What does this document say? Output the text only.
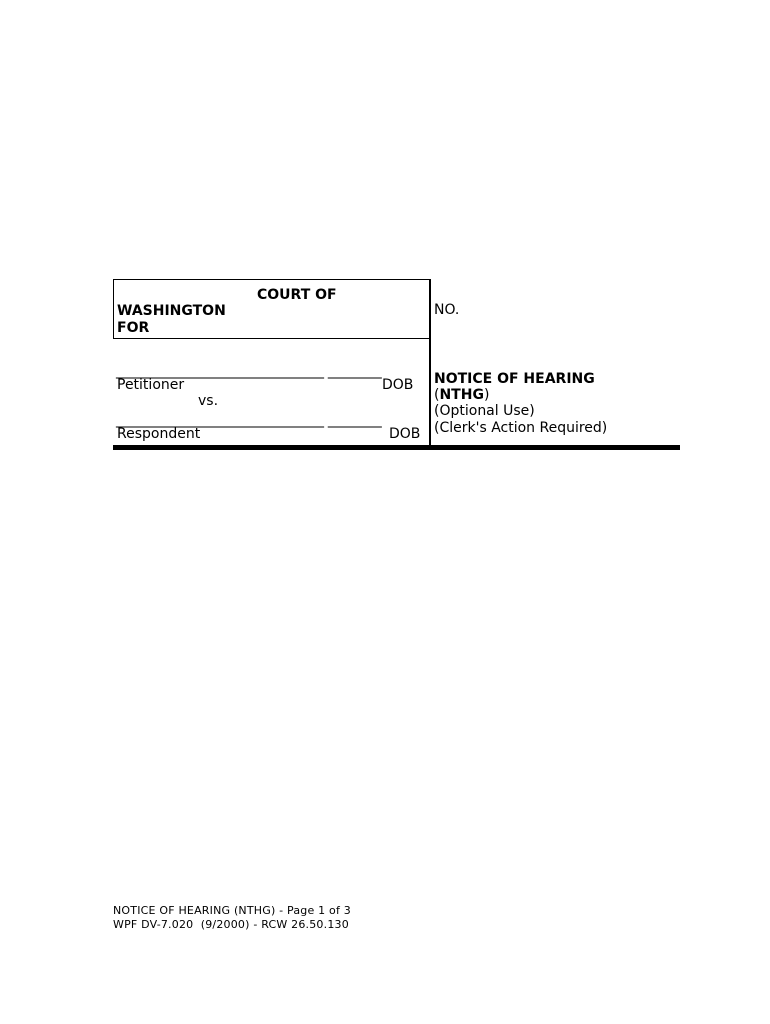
COURT OF
WASHINGTON
FOR
NO.
_______________________________ ________
Petitioner	DOB
vs.
_______________________________ ________
Respondent	DOB
NOTICE OF HEARING
(NTHG)
(Optional Use)
(Clerk's Action Required)
NOTICE OF HEARING (NTHG) - Page 1 of 3
WPF DV-7.020  (9/2000) - RCW 26.50.130
